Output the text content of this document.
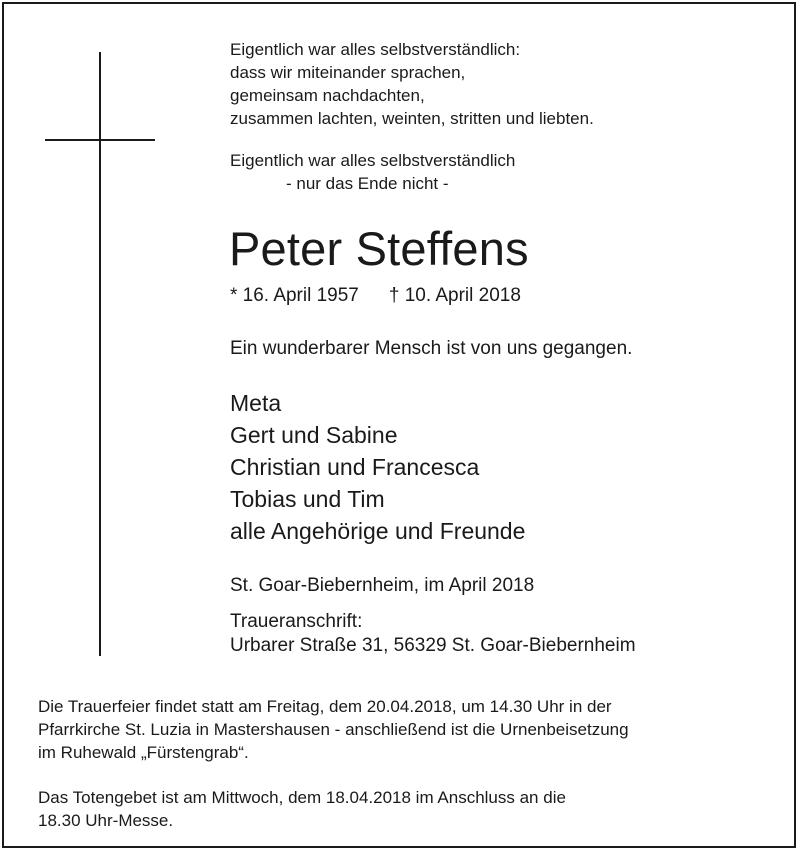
Eigentlich war alles selbstverständlich:
dass wir miteinander sprachen,
gemeinsam nachdachten,
zusammen lachten, weinten, stritten und liebten.
Eigentlich war alles selbstverständlich
- nur das Ende nicht -
Peter Steffens
* 16. April 1957 † 10. April 2018
Ein wunderbarer Mensch ist von uns gegangen.
Meta
Gert und Sabine
Christian und Francesca
Tobias und Tim
alle Angehörige und Freunde
St. Goar-Biebernheim, im April 2018
Traueranschrift:
Urbarer Straße 31, 56329 St. Goar-Biebernheim
Die Trauerfeier findet statt am Freitag, dem 20.04.2018, um 14.30 Uhr in der
Pfarrkirche St. Luzia in Mastershausen - anschließend ist die Urnenbeisetzung
im Ruhewald „Fürstengrab“.
Das Totengebet ist am Mittwoch, dem 18.04.2018 im Anschluss an die
18.30 Uhr-Messe.
